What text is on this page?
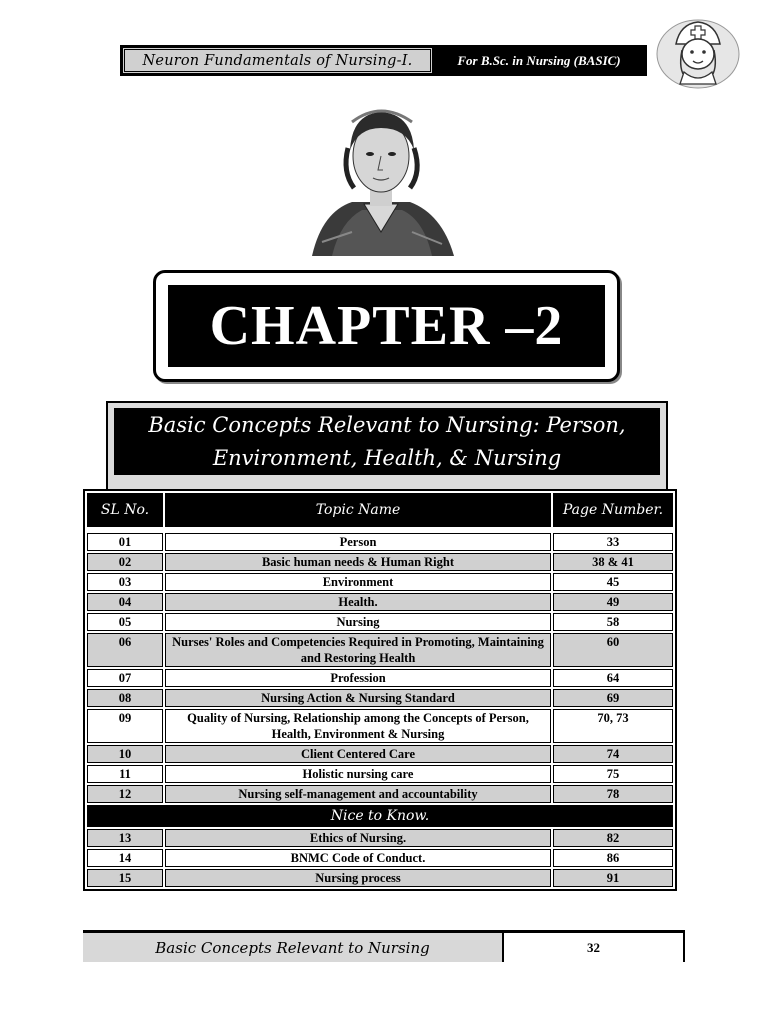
Neuron Fundamentals of Nursing-I.	For B.Sc. in Nursing (BASIC)
CHAPTER –2
Basic Concepts Relevant to Nursing: Person,
Environment, Health, & Nursing
SL No.	Topic Name	Page Number.

01	Person	33
02	Basic human needs & Human Right	38 & 41
03	Environment	45
04	Health.	49
05	Nursing	58
06	Nurses' Roles and Competencies Required in Promoting, Maintaining and Restoring Health	60
07	Profession	64
08	Nursing Action & Nursing Standard	69
09	Quality of Nursing, Relationship among the Concepts of Person, Health, Environment & Nursing	70, 73
10	Client Centered Care	74
11	Holistic nursing care	75
12	Nursing self-management and accountability	78
Nice to Know.		
13	Ethics of Nursing.	82
14	BNMC Code of Conduct.	86
15	Nursing process	91
Basic Concepts Relevant to Nursing	32
